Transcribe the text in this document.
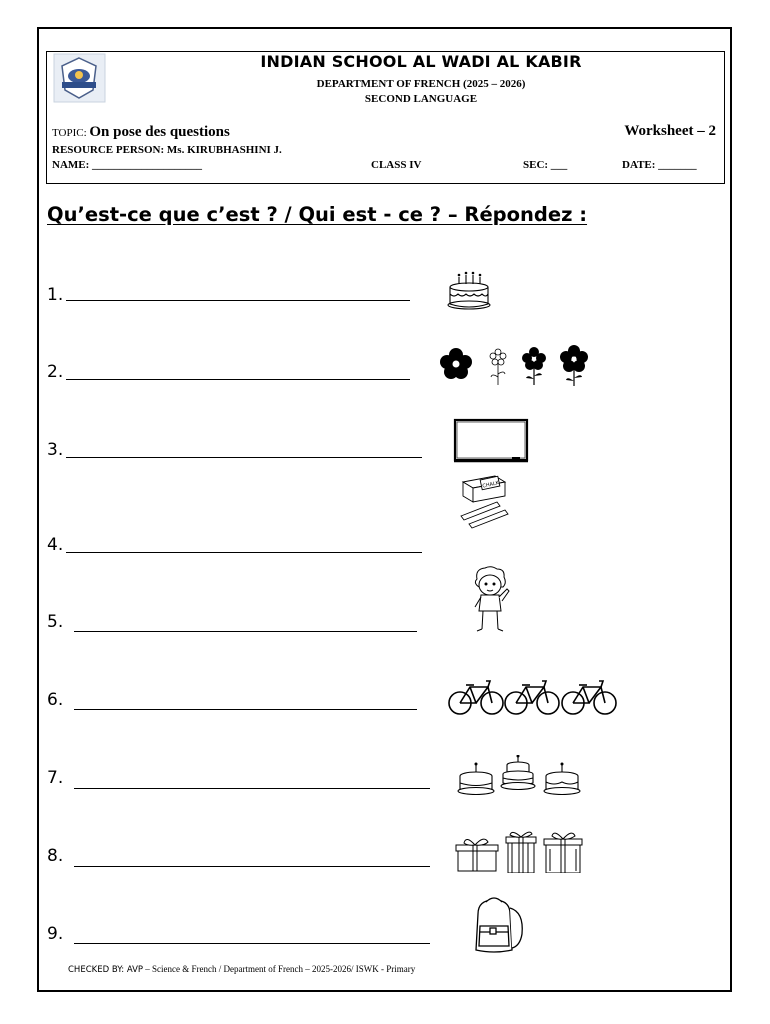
INDIAN SCHOOL AL WADI AL KABIR
DEPARTMENT OF FRENCH (2025 – 2026)
SECOND LANGUAGE
TOPIC: On pose des questions	Worksheet – 2
RESOURCE PERSON: Ms. KIRUBHASHINI J.
NAME: ____________________	CLASS IV	SEC: ___	DATE: _______
Qu’est-ce que c’est ? / Qui est - ce ? – Répondez :
1.
2.
3.
CHALK
4.
5.
6.
7.
8.
9.
CHECKED BY: AVP – Science & French / Department of French – 2025-2026/ ISWK - Primary
